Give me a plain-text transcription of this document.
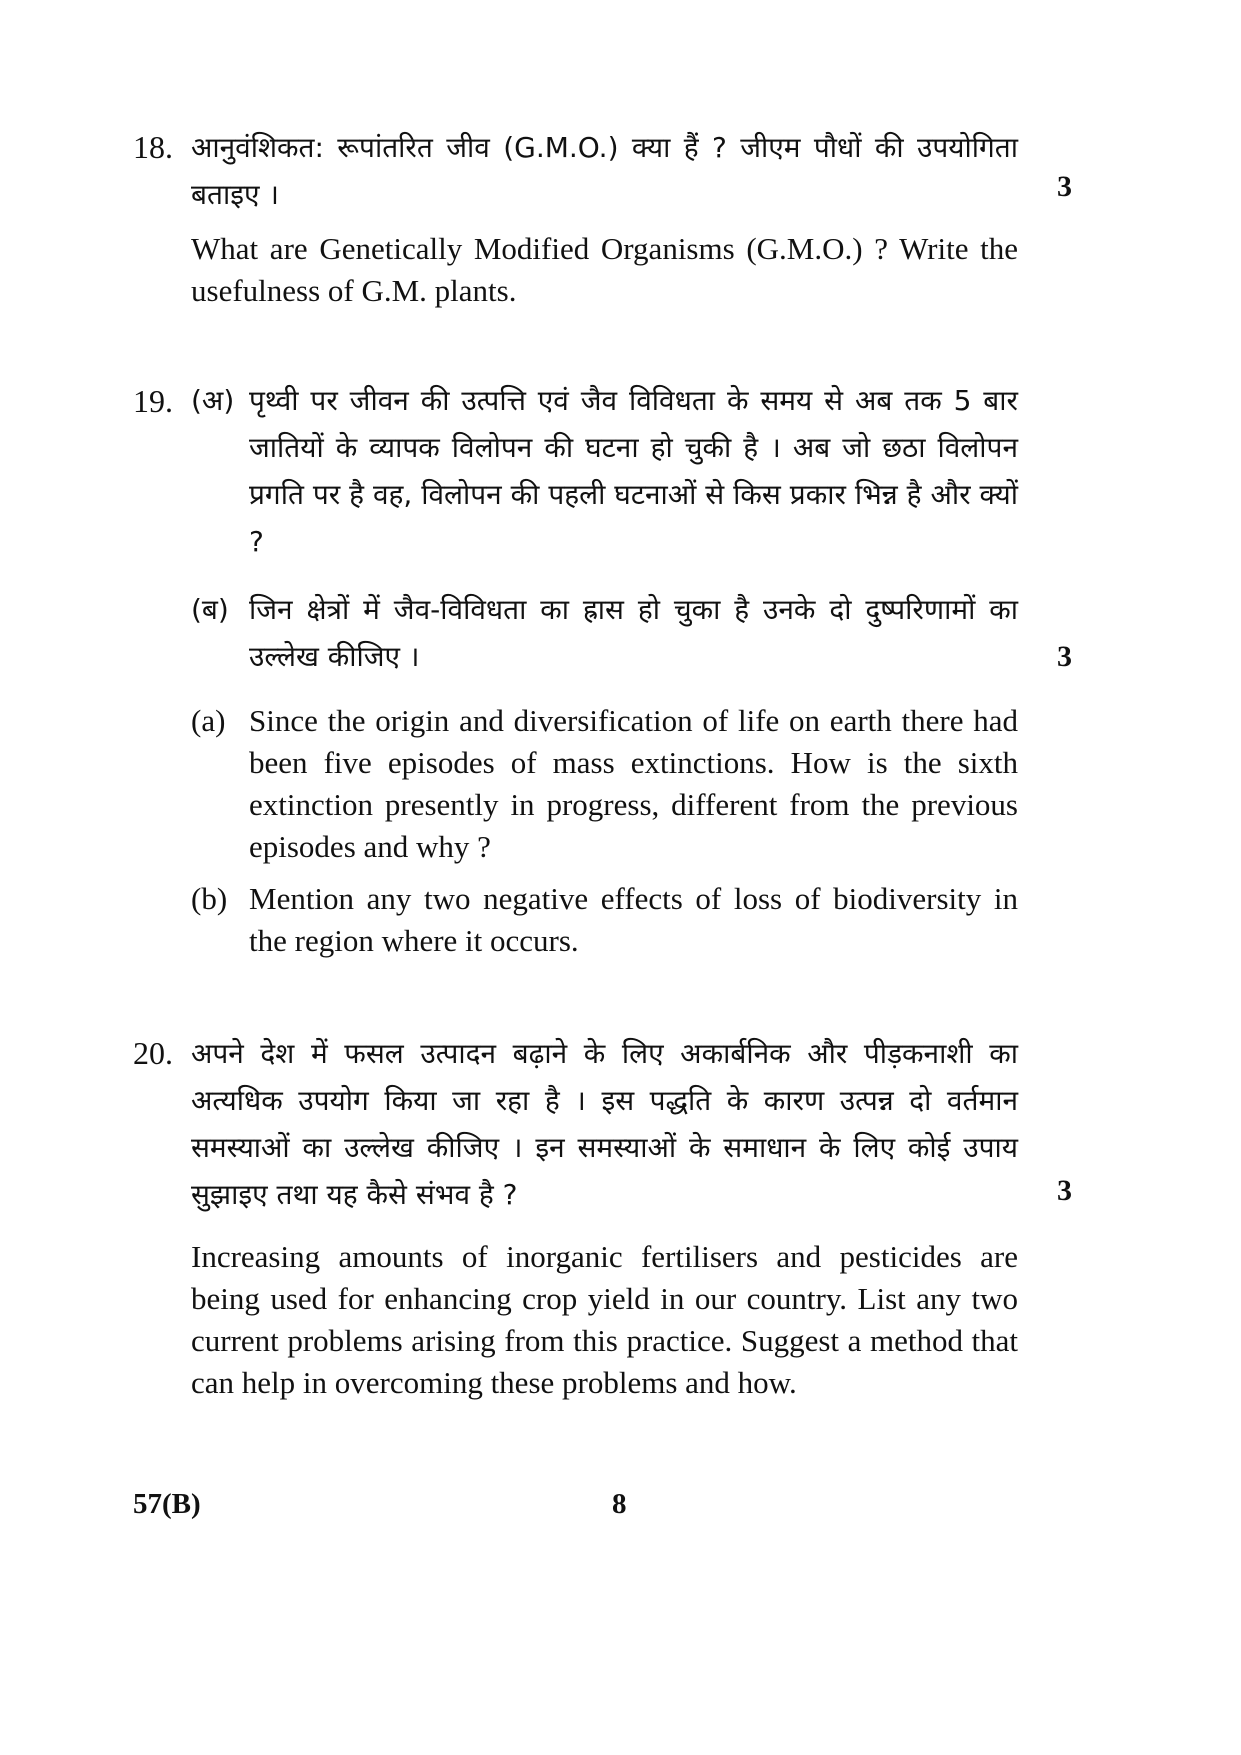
18. आनुवंशिकत: रूपांतरित जीव (G.M.O.) क्या हैं ? जीएम पौधों की उपयोगिता बताइए ।	3
What are Genetically Modified Organisms (G.M.O.) ? Write the usefulness of G.M. plants.
19. (अ) पृथ्वी पर जीवन की उत्पत्ति एवं जैव विविधता के समय से अब तक 5 बार जातियों के व्यापक विलोपन की घटना हो चुकी है । अब जो छठा विलोपन प्रगति पर है वह, विलोपन की पहली घटनाओं से किस प्रकार भिन्न है और क्यों ?
(ब) जिन क्षेत्रों में जैव-विविधता का ह्रास हो चुका है उनके दो दुष्परिणामों का उल्लेख कीजिए ।	3
(a) Since the origin and diversification of life on earth there had been five episodes of mass extinctions. How is the sixth extinction presently in progress, different from the previous episodes and why ?
(b) Mention any two negative effects of loss of biodiversity in the region where it occurs.
20. अपने देश में फसल उत्पादन बढ़ाने के लिए अकार्बनिक और पीड़कनाशी का अत्यधिक उपयोग किया जा रहा है । इस पद्धति के कारण उत्पन्न दो वर्तमान समस्याओं का उल्लेख कीजिए । इन समस्याओं के समाधान के लिए कोई उपाय सुझाइए तथा यह कैसे संभव है ?	3
Increasing amounts of inorganic fertilisers and pesticides are being used for enhancing crop yield in our country. List any two current problems arising from this practice. Suggest a method that can help in overcoming these problems and how.
57(B)	8
